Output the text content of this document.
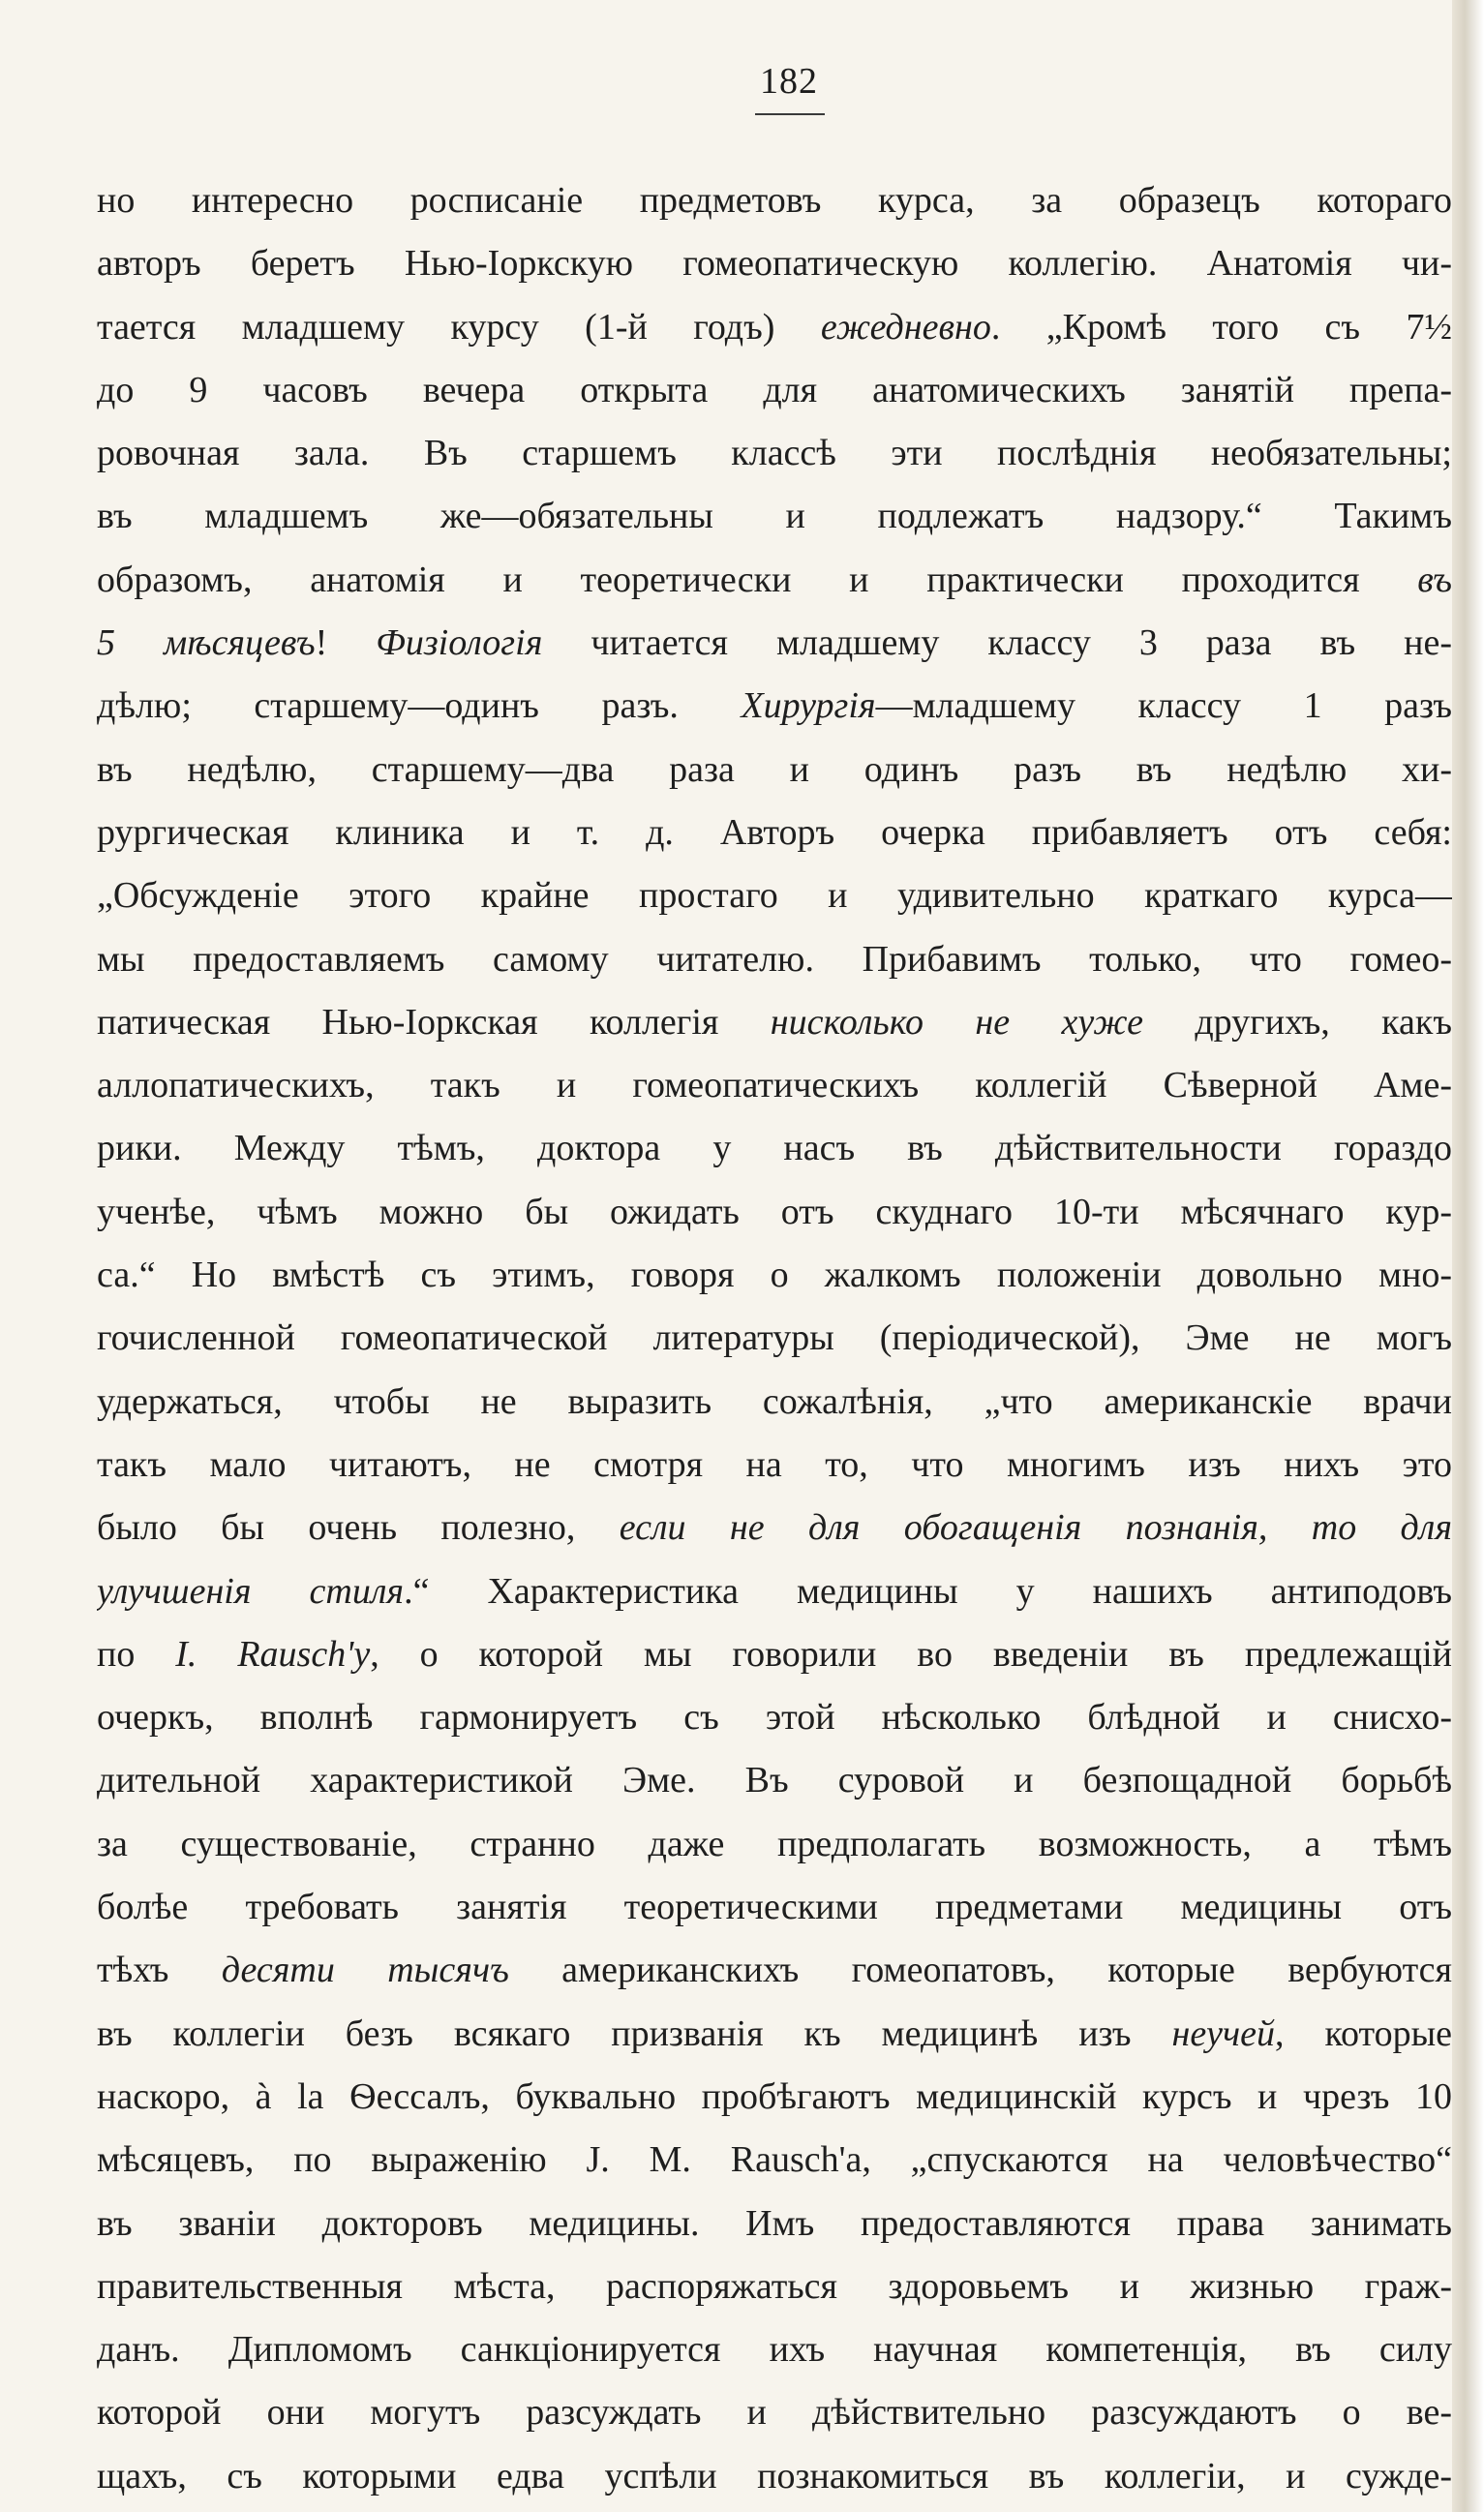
182
но интересно росписаніе предметовъ курса, за образецъ котораго
авторъ беретъ Нью-Іоркскую гомеопатическую коллегію. Анатомія чи-
тается младшему курсу (1-й годъ) ежедневно. „Кромѣ того съ 7½
до 9 часовъ вечера открыта для анатомическихъ занятій препа-
ровочная зала. Въ старшемъ классѣ эти послѣднія необязательны;
въ младшемъ же—обязательны и подлежатъ надзору.“ Такимъ
образомъ, анатомія и теоретически и практически проходится въ
5 мѣсяцевъ! Физіологія читается младшему классу 3 раза въ не-
дѣлю; старшему—одинъ разъ. Хирургія—младшему классу 1 разъ
въ недѣлю, старшему—два раза и одинъ разъ въ недѣлю хи-
рургическая клиника и т. д. Авторъ очерка прибавляетъ отъ себя:
„Обсужденіе этого крайне простаго и удивительно краткаго курса—
мы предоставляемъ самому читателю. Прибавимъ только, что гомео-
патическая Нью-Іоркская коллегія нисколько не хуже другихъ, какъ
аллопатическихъ, такъ и гомеопатическихъ коллегій Сѣверной Аме-
рики. Между тѣмъ, доктора у насъ въ дѣйствительности гораздо
ученѣе, чѣмъ можно бы ожидать отъ скуднаго 10-ти мѣсячнаго кур-
са.“ Но вмѣстѣ съ этимъ, говоря о жалкомъ положеніи довольно мно-
гочисленной гомеопатической литературы (періодической), Эме не могъ
удержаться, чтобы не выразить сожалѣнія, „что американскіе врачи
такъ мало читаютъ, не смотря на то, что многимъ изъ нихъ это
было бы очень полезно, если не для обогащенія познанія, то для
улучшенія стиля.“ Характеристика медицины у нашихъ антиподовъ
по I. Rausch'у, о которой мы говорили во введеніи въ предлежащій
очеркъ, вполнѣ гармонируетъ съ этой нѣсколько блѣдной и снисхо-
дительной характеристикой Эме. Въ суровой и безпощадной борьбѣ
за существованіе, странно даже предполагать возможность, а тѣмъ
болѣе требовать занятія теоретическими предметами медицины отъ
тѣхъ десяти тысячъ американскихъ гомеопатовъ, которые вербуются
въ коллегіи безъ всякаго призванія къ медицинѣ изъ неучей, которые
наскоро, à la Ѳессалъ, буквально пробѣгаютъ медицинскій курсъ и чрезъ 10
мѣсяцевъ, по выраженію J. M. Rausch'a, „спускаются на человѣчество“
въ званіи докторовъ медицины. Имъ предоставляются права занимать
правительственныя мѣста, распоряжаться здоровьемъ и жизнью граж-
данъ. Дипломомъ санкціонируется ихъ научная компетенція, въ силу
которой они могутъ разсуждать и дѣйствительно разсуждаютъ о ве-
щахъ, съ которыми едва успѣли познакомиться въ коллегіи, и сужде-
